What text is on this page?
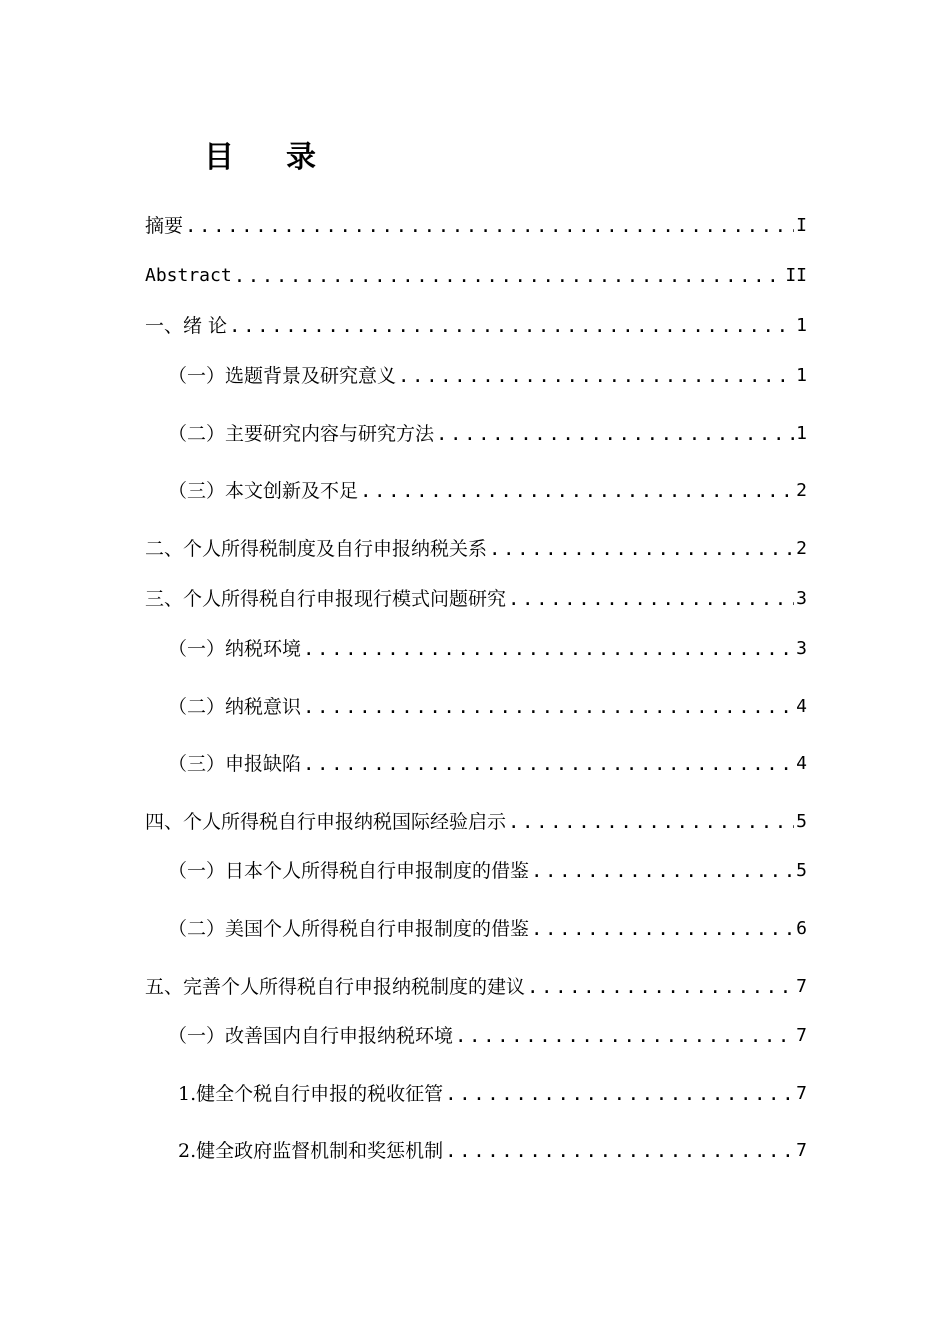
目 录
摘要 .....	I
Abstract .....	II
一、绪 论 .....	1
（一）选题背景及研究意义 .....	1
（二）主要研究内容与研究方法 .....	1
（三）本文创新及不足 .....	2
二、个人所得税制度及自行申报纳税关系 .....	2
三、个人所得税自行申报现行模式问题研究 .....	3
（一）纳税环境 .....	3
（二）纳税意识 .....	4
（三）申报缺陷 .....	4
四、个人所得税自行申报纳税国际经验启示 .....	5
（一）日本个人所得税自行申报制度的借鉴 .....	5
（二）美国个人所得税自行申报制度的借鉴 .....	6
五、完善个人所得税自行申报纳税制度的建议 .....	7
（一）改善国内自行申报纳税环境 .....	7
1.健全个税自行申报的税收征管 .....	7
2.健全政府监督机制和奖惩机制 .....	7
